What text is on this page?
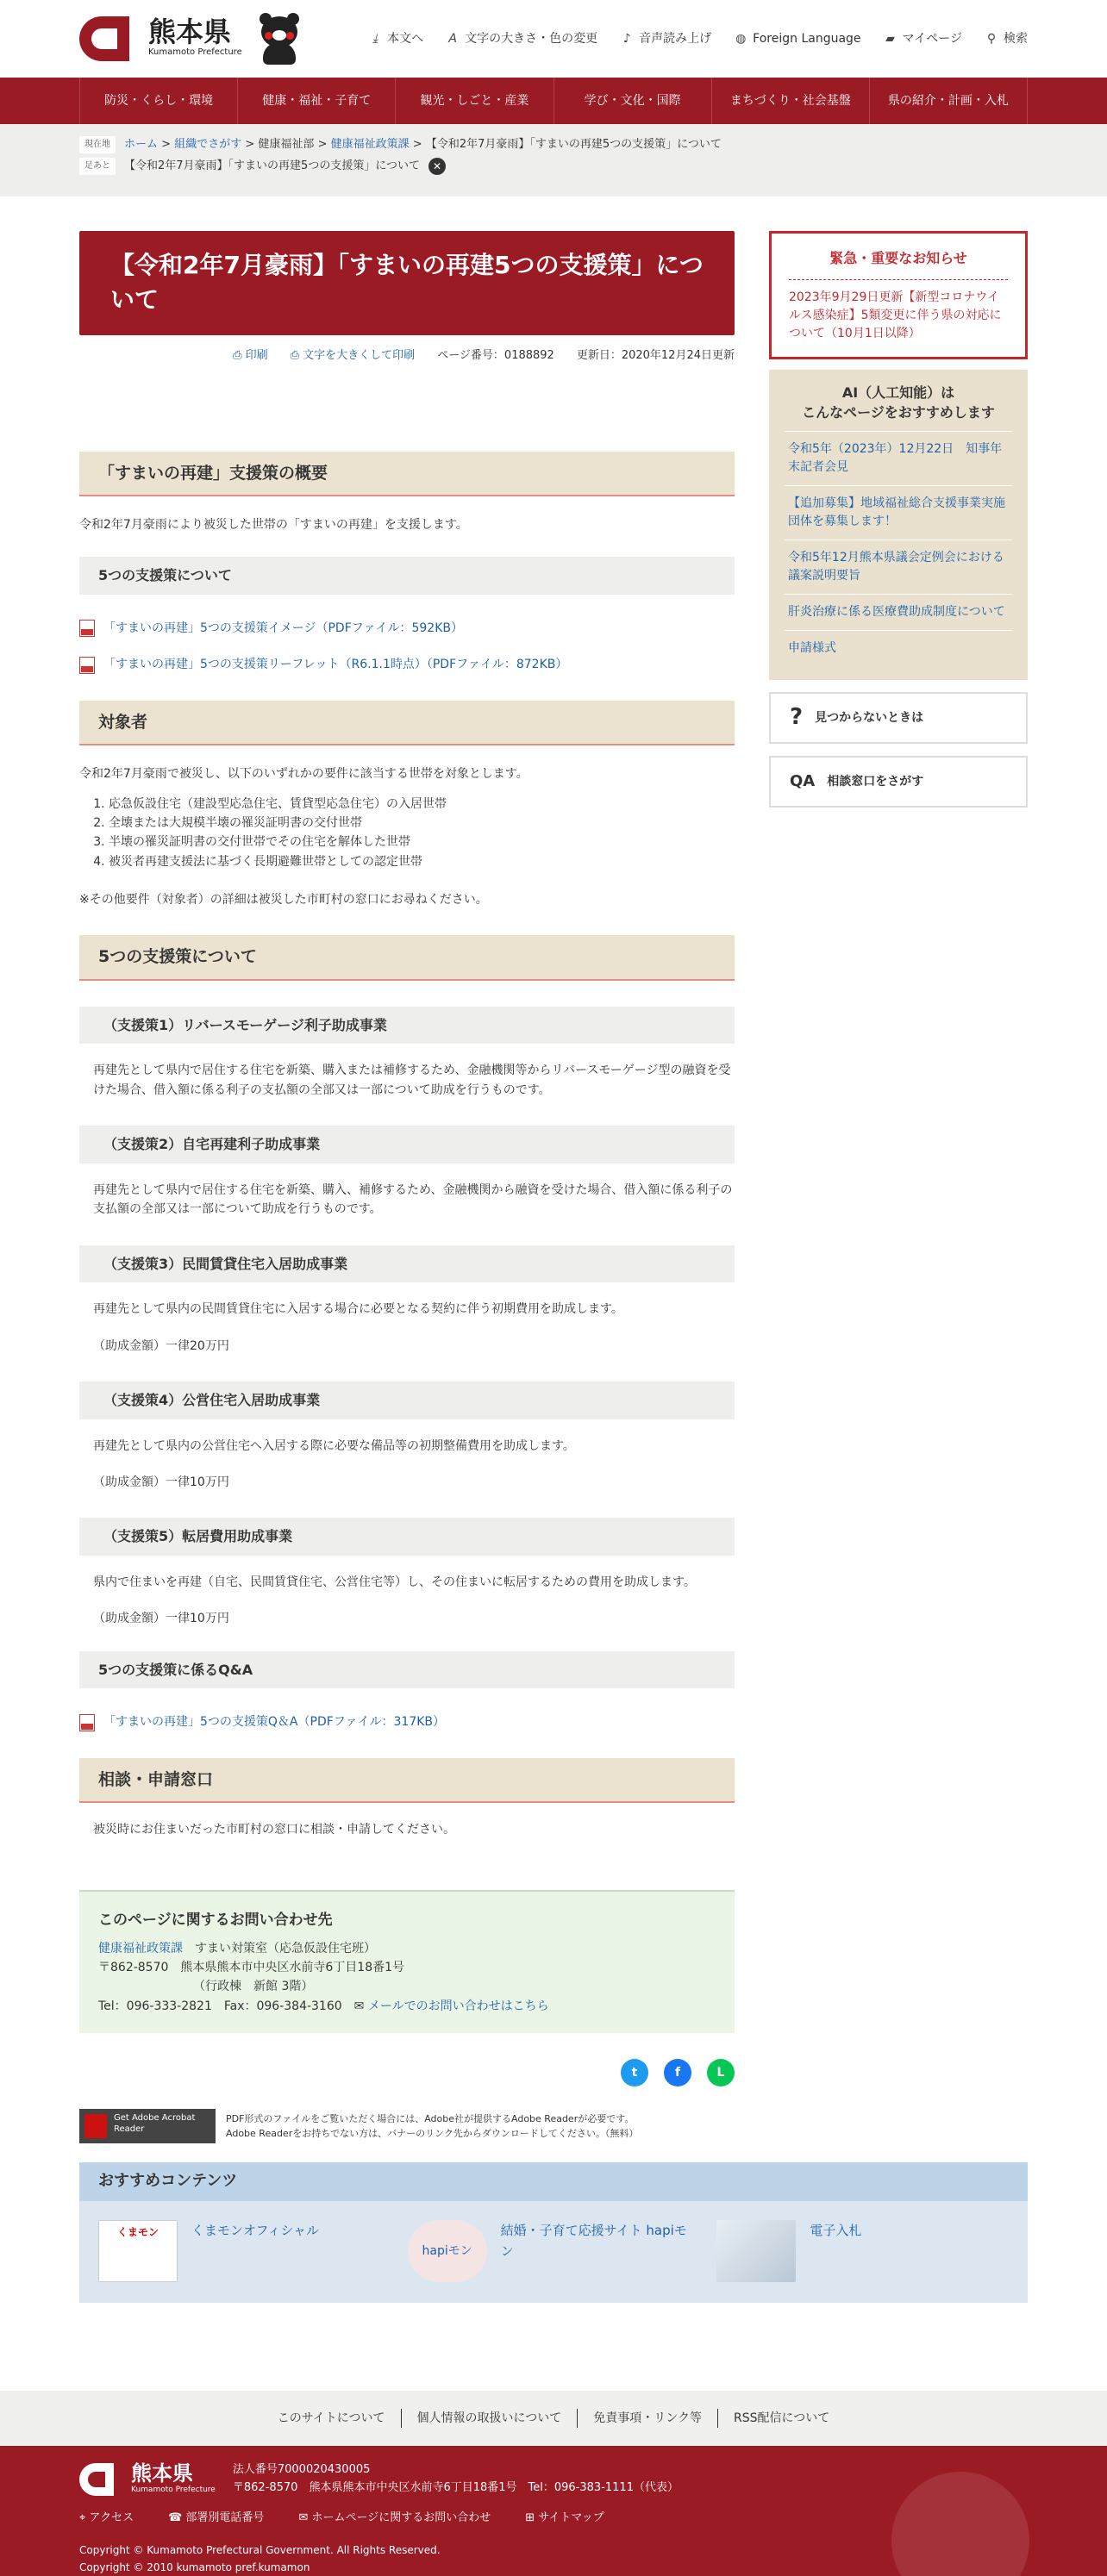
熊本県
Kumamoto Prefecture
⤓ 本文へ A 文字の大きさ・色の変更 ♪ 音声読み上げ ◍ Foreign Language ▰ マイページ ⚲ 検索
防災・くらし・環境	健康・福祉・子育て	観光・しごと・産業	学び・文化・国際	まちづくり・社会基盤	県の紹介・計画・入札
現在地	ホーム > 組織でさがす > 健康福祉部 > 健康福祉政策課 > 【令和2年7月豪雨】「すまいの再建5つの支援策」について
足あと	【令和2年7月豪雨】「すまいの再建5つの支援策」について	✕
【令和2年7月豪雨】「すまいの再建5つの支援策」について
⎙ 印刷 ⎙ 文字を大きくして印刷 ページ番号：0188892 更新日：2020年12月24日更新
「すまいの再建」支援策の概要

令和2年7月豪雨により被災した世帯の「すまいの再建」を支援します。

5つの支援策について
「すまいの再建」5つの支援策イメージ（PDFファイル：592KB）
「すまいの再建」5つの支援策リーフレット（R6.1.1時点）（PDFファイル：872KB）
対象者

令和2年7月豪雨で被災し、以下のいずれかの要件に該当する世帯を対象とします。

1. 応急仮設住宅（建設型応急住宅、賃貸型応急住宅）の入居世帯
2. 全壊または大規模半壊の罹災証明書の交付世帯
3. 半壊の罹災証明書の交付世帯でその住宅を解体した世帯
4. 被災者再建支援法に基づく長期避難世帯としての認定世帯

※その他要件（対象者）の詳細は被災した市町村の窓口にお尋ねください。

5つの支援策について
（支援策1）リバースモーゲージ利子助成事業

再建先として県内で居住する住宅を新築、購入または補修するため、金融機関等からリバースモーゲージ型の融資を受けた場合、借入額に係る利子の支払額の全部又は一部について助成を行うものです。

（支援策2）自宅再建利子助成事業

再建先として県内で居住する住宅を新築、購入、補修するため、金融機関から融資を受けた場合、借入額に係る利子の支払額の全部又は一部について助成を行うものです。

（支援策3）民間賃貸住宅入居助成事業

再建先として県内の民間賃貸住宅に入居する場合に必要となる契約に伴う初期費用を助成します。

（助成金額）一律20万円

（支援策4）公営住宅入居助成事業

再建先として県内の公営住宅へ入居する際に必要な備品等の初期整備費用を助成します。

（助成金額）一律10万円

（支援策5）転居費用助成事業

県内で住まいを再建（自宅、民間賃貸住宅、公営住宅等）し、その住まいに転居するための費用を助成します。

（助成金額）一律10万円

5つの支援策に係るQ&A
「すまいの再建」5つの支援策Q＆A（PDFファイル：317KB）
相談・申請窓口

被災時にお住まいだった市町村の窓口に相談・申請してください。

このページに関するお問い合わせ先
健康福祉政策課　 すまい対策室（応急仮設住宅班）
〒862-8570　熊本県熊本市中央区水前寺6丁目18番1号
（行政棟　新館 3階）
Tel：096-333-2821　Fax：096-384-3160　 ✉ メールでのお問い合わせはこちら
t	f	L
Get Adobe Acrobat Reader
PDF形式のファイルをご覧いただく場合には、Adobe社が提供するAdobe Readerが必要です。
Adobe Readerをお持ちでない方は、バナーのリンク先からダウンロードしてください。（無料）
緊急・重要なお知らせ
2023年9月29日更新【新型コロナウイルス感染症】5類変更に伴う県の対応について（10月1日以降）
AI（人工知能）は
こんなページをおすすめします
令和5年（2023年）12月22日　知事年末記者会見
【追加募集】地域福祉総合支援事業実施団体を募集します！
令和5年12月熊本県議会定例会における議案説明要旨
肝炎治療に係る医療費助成制度について
申請様式
? 見つからないときは
QA 相談窓口をさがす
おすすめコンテンツ
くまモン	くまモンオフィシャル
hapiモン
結婚・子育て応援サイト hapiモン
電子入札
このサイトについて	個人情報の取扱いについて	免責事項・リンク等	RSS配信について
熊本県
Kumamoto Prefecture
法人番号7000020430005
〒862-8570　熊本県熊本市中央区水前寺6丁目18番1号　Tel：096-383-1111（代表）
⌖ アクセス	☎ 部署別電話番号	✉ ホームページに関するお問い合わせ	⊞ サイトマップ
Copyright © Kumamoto Prefectural Government. All Rights Reserved.
Copyright © 2010 kumamoto pref.kumamon
